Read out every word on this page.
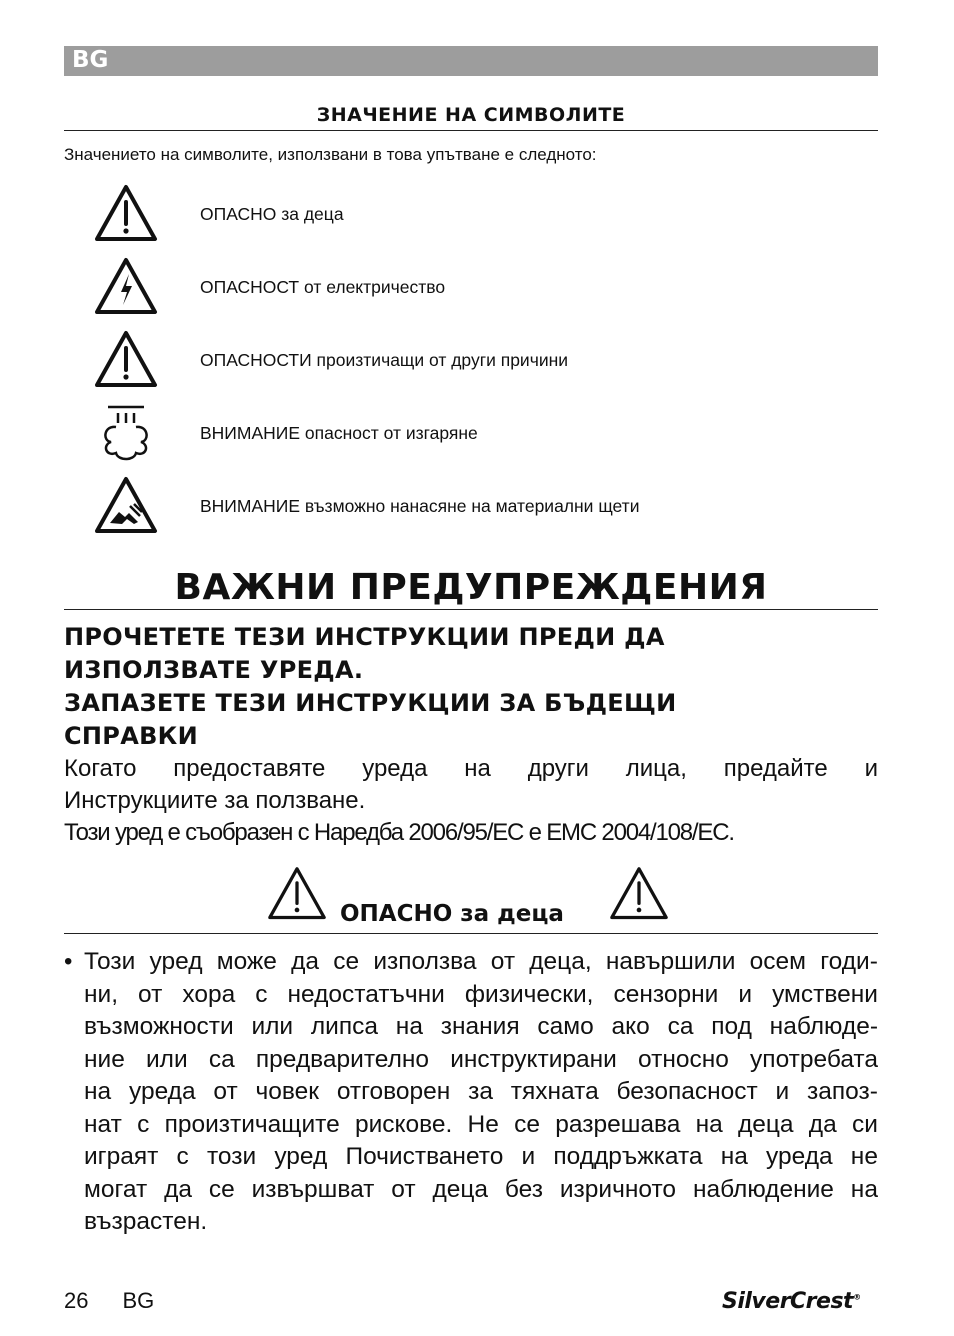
BG
ЗНАЧЕНИЕ НА СИМВОЛИТЕ
Значението на символите, използвани в това упътване е следното:
ОПАСНО за деца
ОПАСНОСТ от електричество
ОПАСНОСТИ произтичащи от други причини
ВНИМАНИЕ опасност от изгаряне
ВНИМАНИЕ възможно нанасяне на материални щети
ВАЖНИ ПРЕДУПРЕЖДЕНИЯ
ПРОЧЕТЕТЕ ТЕЗИ ИНСТРУКЦИИ ПРЕДИ ДА
ИЗПОЛЗВАТЕ УРЕДА.
ЗАПАЗЕТЕ ТЕЗИ ИНСТРУКЦИИ ЗА БЪДЕЩИ
СПРАВКИ
Когато предоставяте уреда на други лица, предайте и
Инструкциите за ползване.
Този уред е съобразен с Наредба 2006/95/EC е EMC 2004/108/EC.
ОПАСНО за деца
• Този уред може да се използва от деца, навършили осем годи-
ни, от хора с недостатъчни физически, сензорни и умствени
възможности или липса на знания само ако са под наблюде-
ние или са предварително инструктирани относно употребата
на уреда от човек отговорен за тяхната безопасност и запоз-
нат с произтичащите рискове. Не се разрешава на деца да си
играят с този уред Почистването и поддръжката на уреда не
могат да се извършват от деца без изричното наблюдение на
възрастен.
26 BG	SilverCrest®
